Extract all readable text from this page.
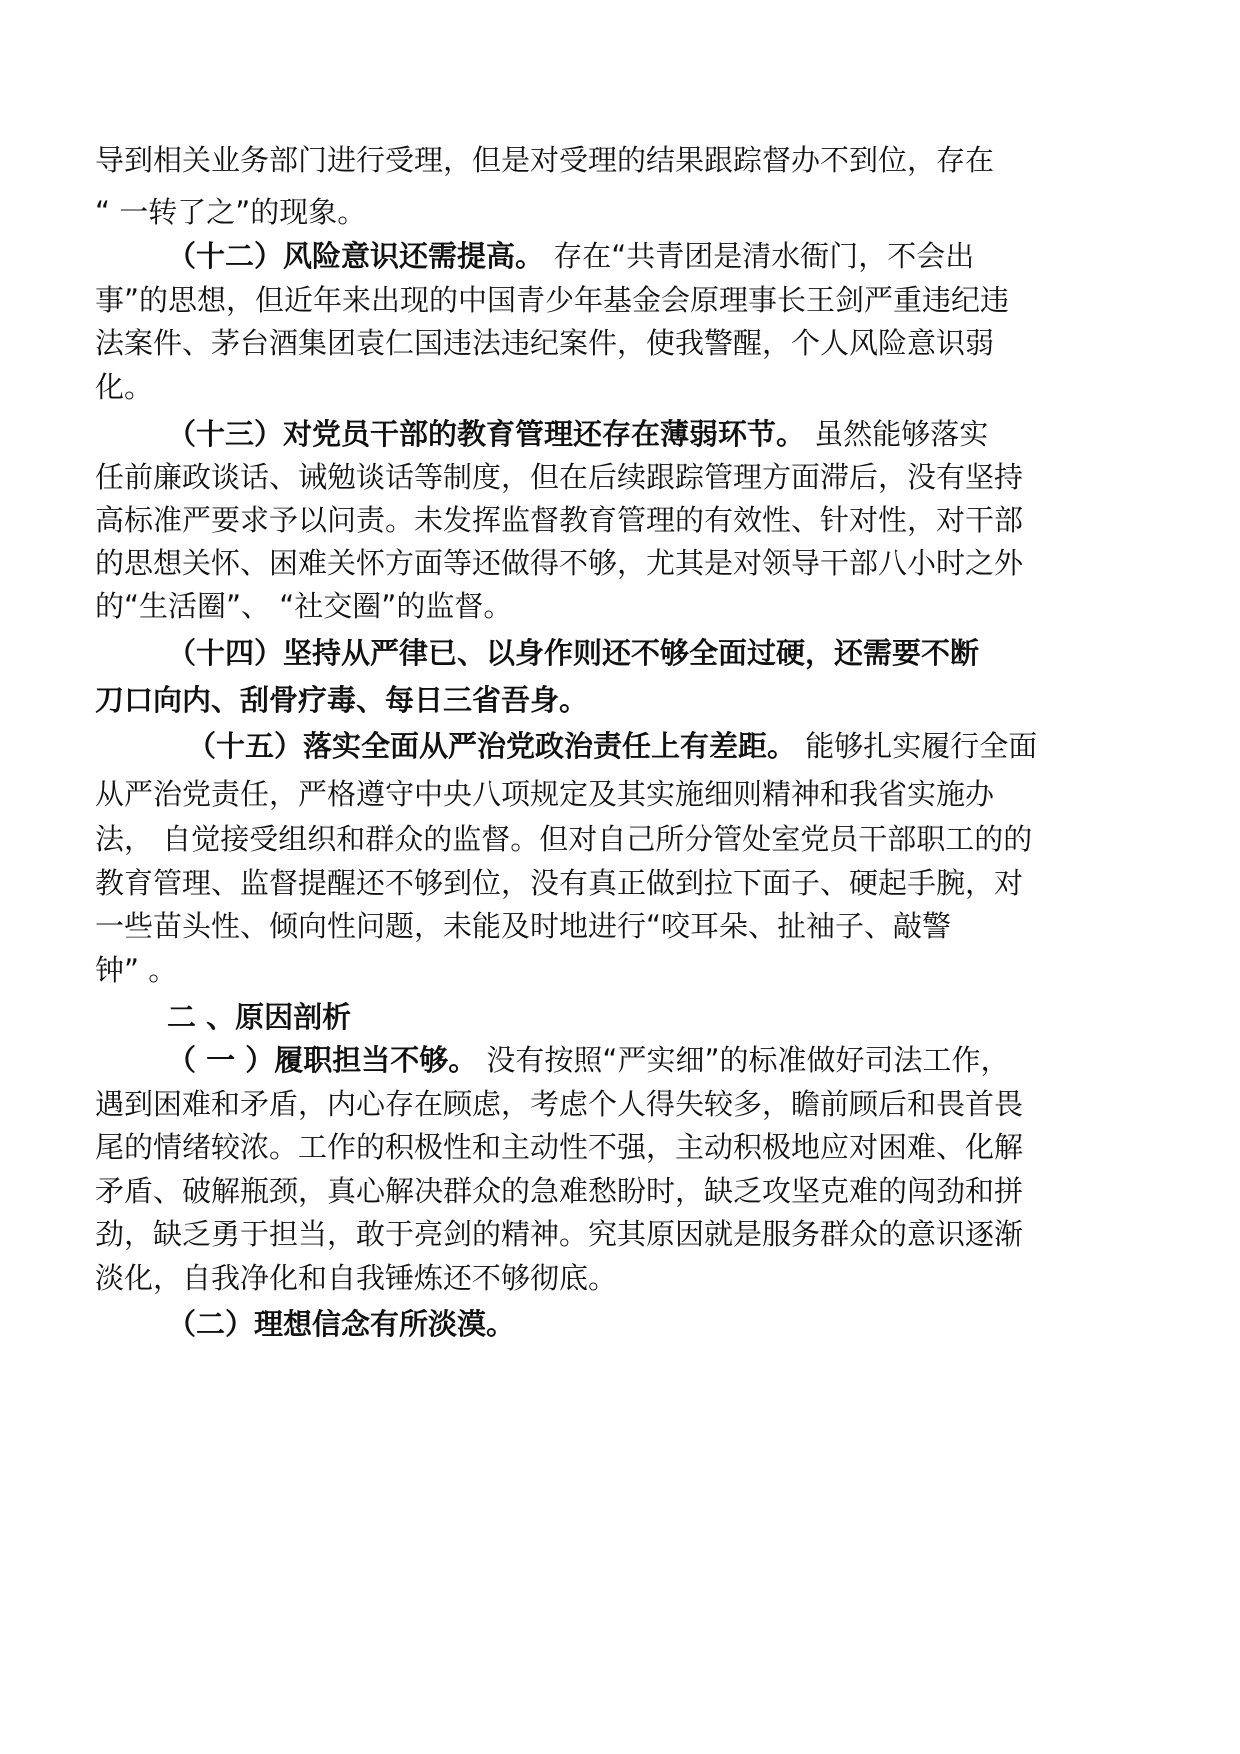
导到相关业务部门进行受理，但是对受理的结果跟踪督办不到位，存在
“ 一转了之”的现象。
（十二）风险意识还需提高。 存在“共青团是清水衙门，不会出
事”的思想，但近年来出现的中国青少年基金会原理事长王剑严重违纪违
法案件、茅台酒集团袁仁国违法违纪案件，使我警醒，个人风险意识弱
化。
（十三）对党员干部的教育管理还存在薄弱环节。 虽然能够落实
任前廉政谈话、诫勉谈话等制度，但在后续跟踪管理方面滞后，没有坚持
高标准严要求予以问责。未发挥监督教育管理的有效性、针对性，对干部
的思想关怀、困难关怀方面等还做得不够，尤其是对领导干部八小时之外
的“生活圈”、 “社交圈”的监督。
（十四）坚持从严律已、以身作则还不够全面过硬，还需要不断
刀口向内、刮骨疗毒、每日三省吾身。
（十五）落实全面从严治党政治责任上有差距。 能够扎实履行全面
从严治党责任，严格遵守中央八项规定及其实施细则精神和我省实施办
法， 自觉接受组织和群众的监督。但对自己所分管处室党员干部职工的的
教育管理、监督提醒还不够到位，没有真正做到拉下面子、硬起手腕，对
一些苗头性、倾向性问题，未能及时地进行“咬耳朵、扯袖子、敲警
钟” 。
二 、原因剖析
（ 一 ）履职担当不够。 没有按照“严实细”的标准做好司法工作，
遇到困难和矛盾，内心存在顾虑，考虑个人得失较多，瞻前顾后和畏首畏
尾的情绪较浓。工作的积极性和主动性不强，主动积极地应对困难、化解
矛盾、破解瓶颈，真心解决群众的急难愁盼时，缺乏攻坚克难的闯劲和拼
劲，缺乏勇于担当，敢于亮剑的精神。究其原因就是服务群众的意识逐渐
淡化，自我净化和自我锤炼还不够彻底。
（二）理想信念有所淡漠。
